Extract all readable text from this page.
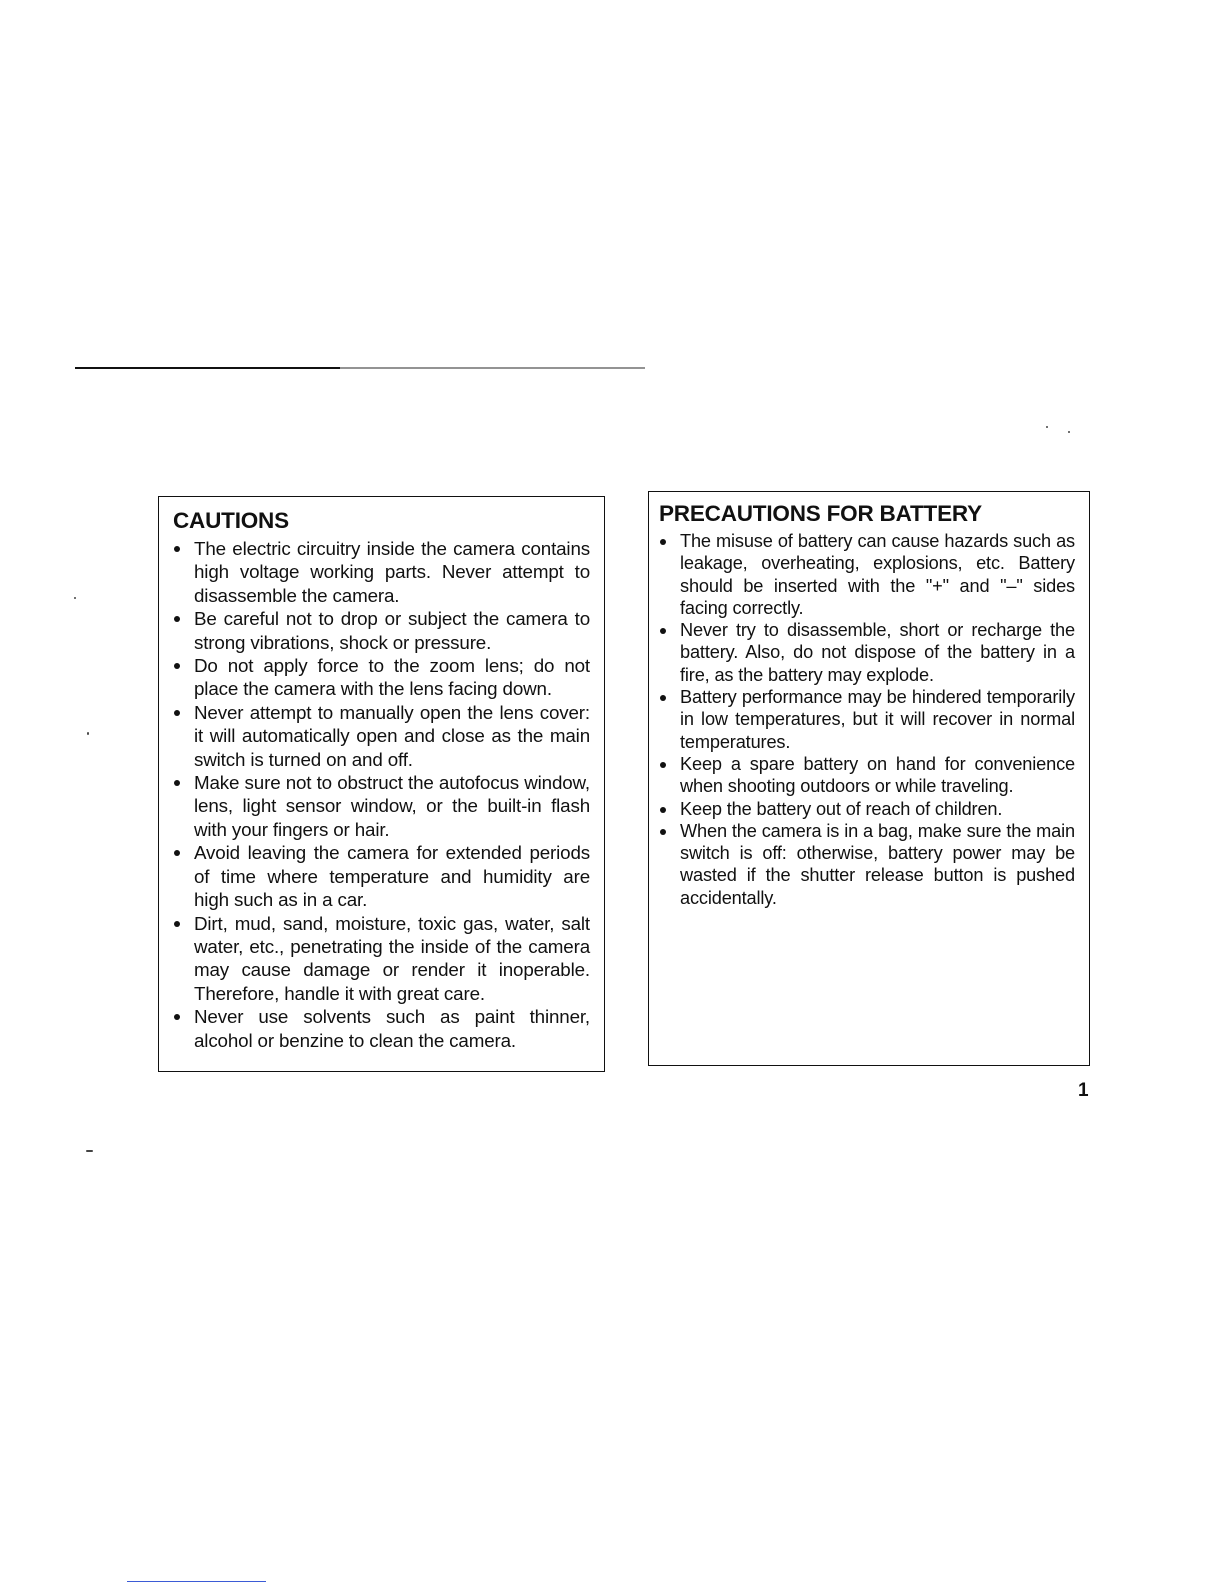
CAUTIONS
The electric circuitry inside the camera contains high voltage working parts. Never attempt to disassemble the camera.
Be careful not to drop or subject the camera to strong vibrations, shock or pressure.
Do not apply force to the zoom lens; do not place the camera with the lens facing down.
Never attempt to manually open the lens cover: it will automatically open and close as the main switch is turned on and off.
Make sure not to obstruct the autofocus window, lens, light sensor window, or the built-in flash with your fingers or hair.
Avoid leaving the camera for extended periods of time where temperature and humidity are high such as in a car.
Dirt, mud, sand, moisture, toxic gas, water, salt water, etc., penetrating the inside of the camera may cause damage or render it inoperable. Therefore, handle it with great care.
Never use solvents such as paint thinner, alcohol or benzine to clean the camera.
PRECAUTIONS FOR BATTERY
The misuse of battery can cause hazards such as leakage, overheating, explosions, etc. Battery should be inserted with the "+" and "–" sides facing correctly.
Never try to disassemble, short or recharge the battery. Also, do not dispose of the battery in a fire, as the battery may explode.
Battery performance may be hindered temporarily in low temperatures, but it will recover in normal temperatures.
Keep a spare battery on hand for convenience when shooting outdoors or while traveling.
Keep the battery out of reach of children.
When the camera is in a bag, make sure the main switch is off: otherwise, battery power may be wasted if the shutter release button is pushed accidentally.
1
